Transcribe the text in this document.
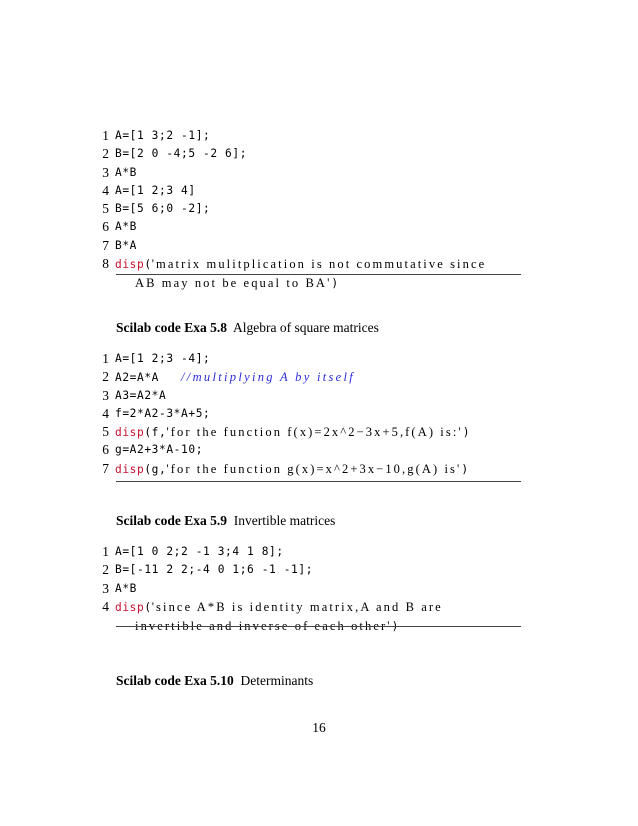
1 A=[1 3;2 -1];
2 B=[2 0 -4;5 -2 6];
3 A*B
4 A=[1 2;3 4]
5 B=[5 6;0 -2];
6 A*B
7 B*A
8 disp('matrix mulitplication is not commutative since
AB may not be equal to BA')
Scilab code Exa 5.8 Algebra of square matrices
1 A=[1 2;3 -4];
2 A2=A*A   //multiplying A by itself
3 A3=A2*A
4 f=2*A2-3*A+5;
5 disp(f,'for the function f(x)=2x^2−3x+5,f(A) is:')
6 g=A2+3*A-10;
7 disp(g,'for the function g(x)=x^2+3x−10,g(A) is')
Scilab code Exa 5.9 Invertible matrices
1 A=[1 0 2;2 -1 3;4 1 8];
2 B=[-11 2 2;-4 0 1;6 -1 -1];
3 A*B
4 disp('since A*B is identity matrix,A and B are
invertible and inverse of each other')
Scilab code Exa 5.10 Determinants
16
